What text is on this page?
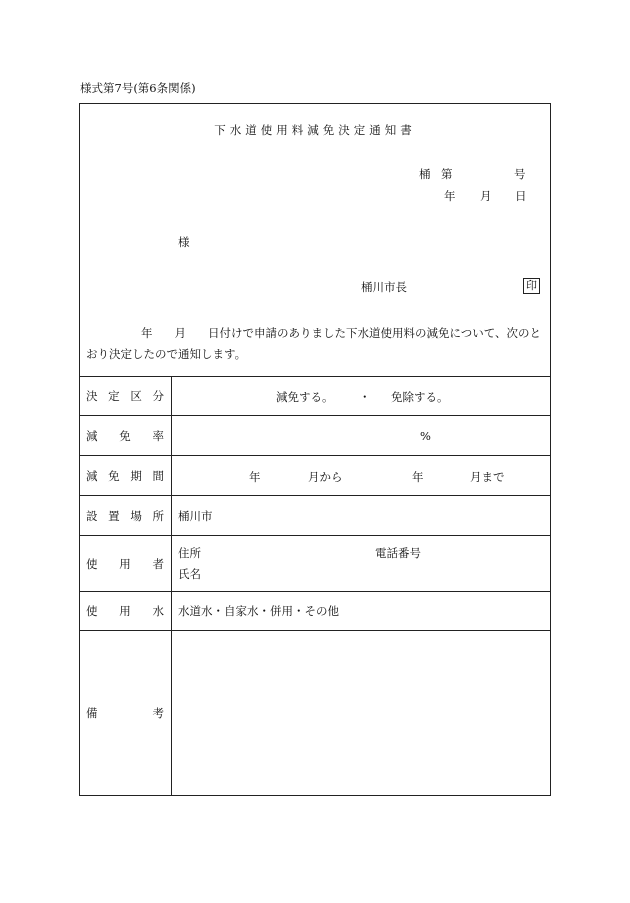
様式第7号(第6条関係)
下水道使用料減免決定通知書
桶 第	号
年 月 日
様
桶川市長	印
年 月 日付けで申請のありました下水道使用料の減免について、次のと
おり決定したので通知します。
決定区分	減免する。 ・ 免除する。
減免率	%
減免期間	年	月から	年	月まで
設置場所	桶川市
使用者
住所	電話番号
氏名
使用水	水道水・自家水・併用・その他
備考
